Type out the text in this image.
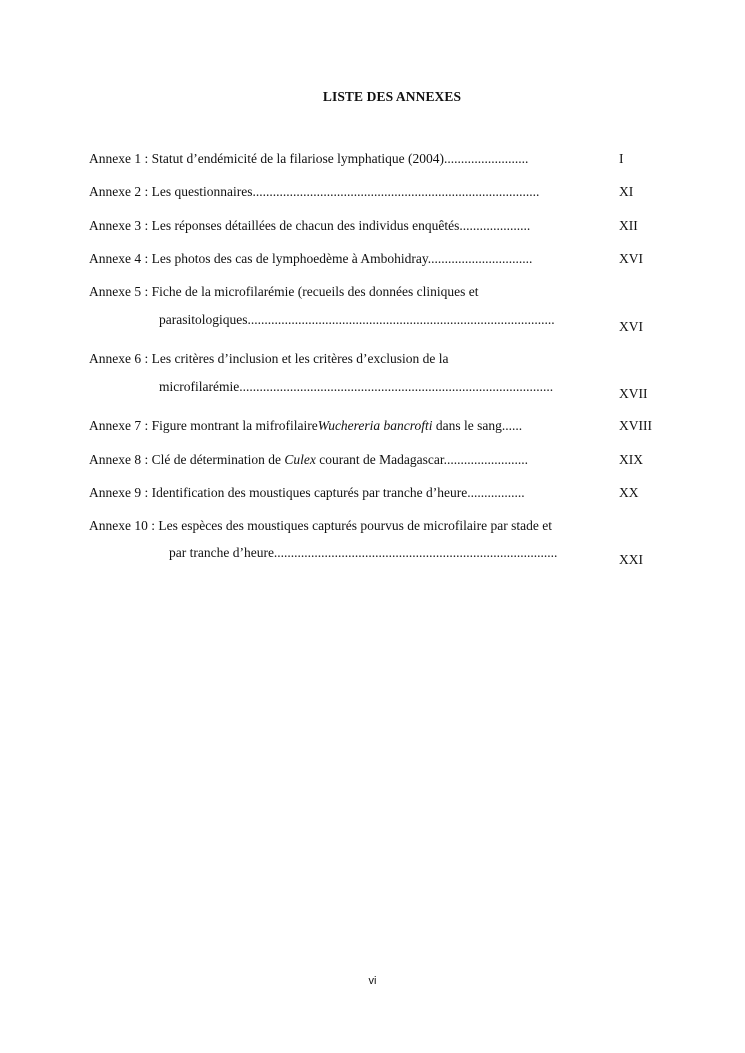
LISTE DES ANNEXES
Annexe 1 : Statut d’endémicité de la filariose lymphatique (2004).........................	I
Annexe 2 : Les questionnaires.....................................................................................	XI
Annexe 3 : Les réponses détaillées de chacun des individus enquêtés.....................	XII
Annexe 4 : Les photos des cas de lymphoedème à Ambohidray...............................	XVI
Annexe 5 : Fiche de la microfilarémie (recueils des données cliniques et
parasitologiques...........................................................................................	XVI
Annexe 6 : Les critères d’inclusion et les critères d’exclusion de la
microfilarémie.............................................................................................	XVII
Annexe 7 : Figure montrant la mifrofilaireWuchereria bancrofti dans le sang......	XVIII
Annexe 8 : Clé de détermination de Culex courant de Madagascar.........................	XIX
Annexe 9 : Identification des moustiques capturés par tranche d’heure.................	XX
Annexe 10 : Les espèces des moustiques capturés pourvus de microfilaire par stade et
par tranche d’heure....................................................................................	XXI
vi
